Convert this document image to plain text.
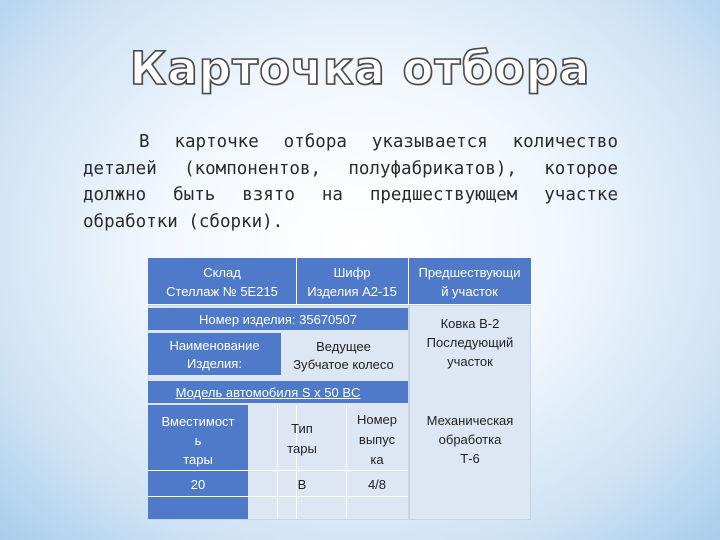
Карточка отбора
В карточке отбора указывается количество
деталей (компонентов, полуфабрикатов), которое
должно быть взято на предшествующем участке
обработки (сборки).
Склад
Стеллаж № 5Е215
Шифр
Изделия А2-15
Предшествующи
й участок
Номер изделия: 35670507
Наименование
Изделия:
Ведущее
Зубчатое колесо
Модель автомобиля S x 50 BC
Ковка В-2
Последующий
участок
Механическая
обработка
Т-6
Вместимост
ь
тары
20
Тип
тары
В
Номер
выпус
ка
4/8
